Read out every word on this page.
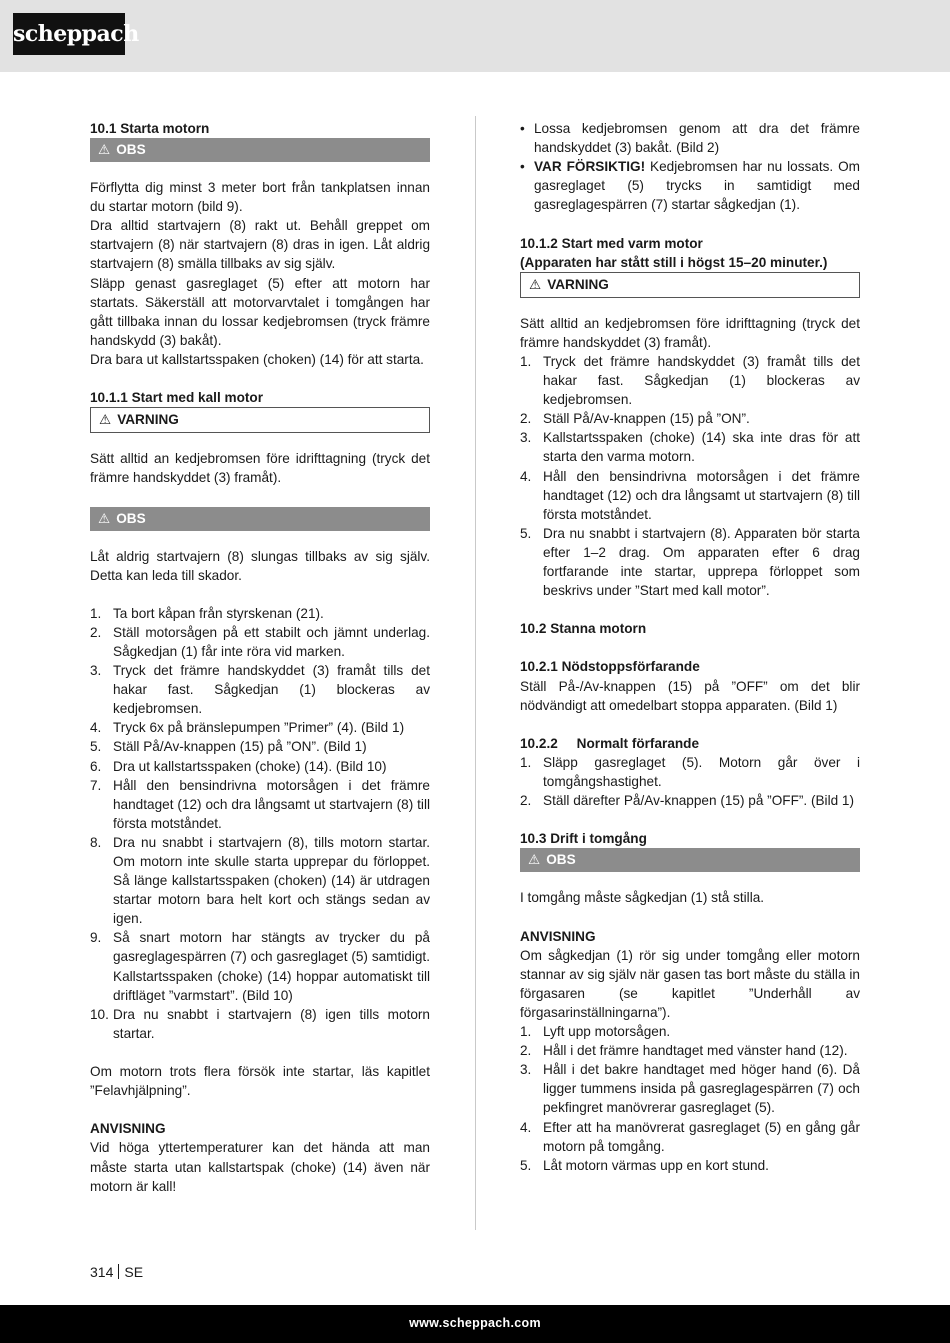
scheppach

10.1 Starta motorn

⚠ OBS

Förflytta dig minst 3 meter bort från tankplatsen innan du startar motorn (bild 9).

Dra alltid startvajern (8) rakt ut. Behåll greppet om startvajern (8) när startvajern (8) dras in igen. Låt aldrig startvajern (8) smälla tillbaks av sig själv.

Släpp genast gasreglaget (5) efter att motorn har startats. Säkerställ att motorvarvtalet i tomgången har gått tillbaka innan du lossar kedjebromsen (tryck främre handskydd (3) bakåt).

Dra bara ut kallstartsspaken (choken) (14) för att starta.

10.1.1 Start med kall motor

⚠ VARNING

Sätt alltid an kedjebromsen före idrifttagning (tryck det främre handskyddet (3) framåt).

⚠ OBS

Låt aldrig startvajern (8) slungas tillbaks av sig själv. Detta kan leda till skador.

1. Ta bort kåpan från styrskenan (21).
2. Ställ motorsågen på ett stabilt och jämnt underlag. Sågkedjan (1) får inte röra vid marken.
3. Tryck det främre handskyddet (3) framåt tills det hakar fast. Sågkedjan (1) blockeras av kedjebromsen.
4. Tryck 6x på bränslepumpen ”Primer” (4). (Bild 1)
5. Ställ På/Av-knappen (15) på ”ON”. (Bild 1)
6. Dra ut kallstartsspaken (choke) (14). (Bild 10)
7. Håll den bensindrivna motorsågen i det främre handtaget (12) och dra långsamt ut startvajern (8) till första motståndet.
8. Dra nu snabbt i startvajern (8), tills motorn startar. Om motorn inte skulle starta upprepar du förloppet. Så länge kallstartsspaken (choken) (14) är utdragen startar motorn bara helt kort och stängs sedan av igen.
9. Så snart motorn har stängts av trycker du på gasreglagespärren (7) och gasreglaget (5) samtidigt. Kallstartsspaken (choke) (14) hoppar automatiskt till driftläget ”varmstart”. (Bild 10)
10. Dra nu snabbt i startvajern (8) igen tills motorn startar.

Om motorn trots flera försök inte startar, läs kapitlet ”Felavhjälpning”.

ANVISNING

Vid höga yttertemperaturer kan det hända att man måste starta utan kallstartspak (choke) (14) även när motorn är kall!

• Lossa kedjebromsen genom att dra det främre handskyddet (3) bakåt. (Bild 2)
• VAR FÖRSIKTIG! Kedjebromsen har nu lossats. Om gasreglaget (5) trycks in samtidigt med gasreglagespärren (7) startar sågkedjan (1).

10.1.2 Start med varm motor

(Apparaten har stått still i högst 15–20 minuter.)

⚠ VARNING

Sätt alltid an kedjebromsen före idrifttagning (tryck det främre handskyddet (3) framåt).

1. Tryck det främre handskyddet (3) framåt tills det hakar fast. Sågkedjan (1) blockeras av kedjebromsen.
2. Ställ På/Av-knappen (15) på ”ON”.
3. Kallstartsspaken (choke) (14) ska inte dras för att starta den varma motorn.
4. Håll den bensindrivna motorsågen i det främre handtaget (12) och dra långsamt ut startvajern (8) till första motståndet.
5. Dra nu snabbt i startvajern (8). Apparaten bör starta efter 1–2 drag. Om apparaten efter 6 drag fortfarande inte startar, upprepa förloppet som beskrivs under ”Start med kall motor”.

10.2 Stanna motorn

10.2.1 Nödstoppsförfarande

Ställ På-/Av-knappen (15) på ”OFF” om det blir nödvändigt att omedelbart stoppa apparaten. (Bild 1)

10.2.2     Normalt förfarande

1. Släpp gasreglaget (5). Motorn går över i tomgångshastighet.
2. Ställ därefter På/Av-knappen (15) på ”OFF”. (Bild 1)

10.3 Drift i tomgång

⚠ OBS

I tomgång måste sågkedjan (1) stå stilla.

ANVISNING

Om sågkedjan (1) rör sig under tomgång eller motorn stannar av sig själv när gasen tas bort måste du ställa in förgasaren (se kapitlet ”Underhåll av förgasarinställningarna”).

1. Lyft upp motorsågen.
2. Håll i det främre handtaget med vänster hand (12).
3. Håll i det bakre handtaget med höger hand (6). Då ligger tummens insida på gasreglagespärren (7) och pekfingret manövrerar gasreglaget (5).
4. Efter att ha manövrerat gasreglaget (5) en gång går motorn på tomgång.
5. Låt motorn värmas upp en kort stund.
314 SE
www.scheppach.com
